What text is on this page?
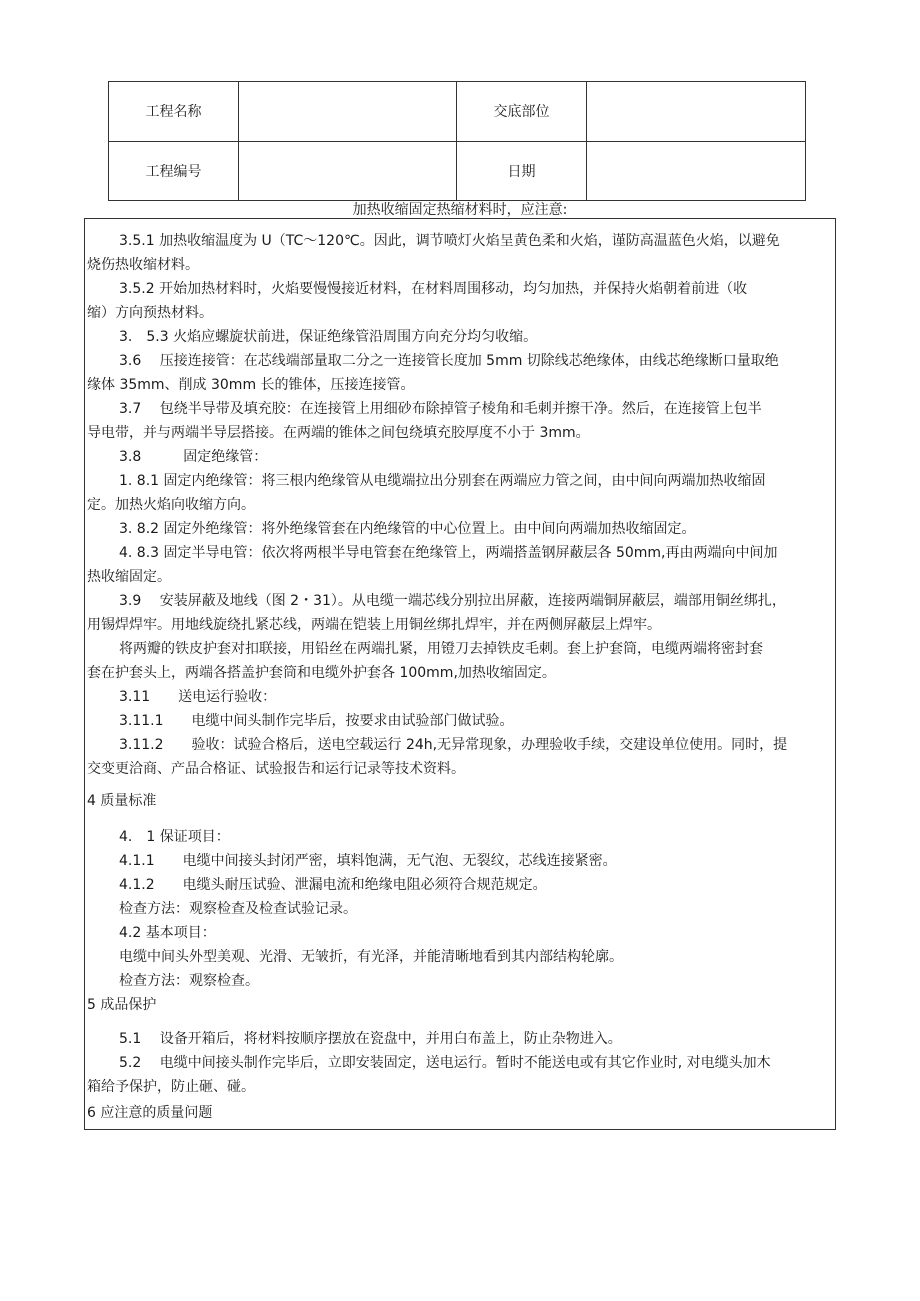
工程名称		交底部位	
工程编号		日期	
加热收缩固定热缩材料时，应注意:
3.5.1 加热收缩温度为 U（TC～120℃。因此，调节喷灯火焰呈黄色柔和火焰，谨防高温蓝色火焰，以避免
烧伤热收缩材料。
3.5.2 开始加热材料时，火焰要慢慢接近材料，在材料周围移动，均匀加热，并保持火焰朝着前进（收
缩）方向预热材料。
3.　5.3 火焰应螺旋状前进，保证绝缘管沿周围方向充分均匀收缩。
3.6　 压接连接管：在芯线端部量取二分之一连接管长度加 5mm 切除线芯绝缘体，由线芯绝缘断口量取绝
缘体 35mm、削成 30mm 长的锥体，压接连接管。
3.7　 包绕半导带及填充胶：在连接管上用细砂布除掉管子棱角和毛刺并擦干净。然后，在连接管上包半
导电带，并与两端半导层搭接。在两端的锥体之间包绕填充胶厚度不小于 3mm。
3.8　　　固定绝缘管：
1. 8.1 固定内绝缘管：将三根内绝缘管从电缆端拉出分别套在两端应力管之间，由中间向两端加热收缩固
定。加热火焰向收缩方向。
3. 8.2 固定外绝缘管：将外绝缘管套在内绝缘管的中心位置上。由中间向两端加热收缩固定。
4. 8.3 固定半导电管：依次将两根半导电管套在绝缘管上，两端搭盖钢屏蔽层各 50mm,再由两端向中间加
热收缩固定。
3.9　 安装屏蔽及地线（图 2・31）。从电缆一端芯线分别拉出屏蔽，连接两端铜屏蔽层，端部用铜丝绑扎，
用锡焊焊牢。用地线旋绕扎紧芯线，两端在铠装上用铜丝绑扎焊牢，并在两侧屏蔽层上焊牢。
将两瓣的铁皮护套对扣联接，用铅丝在两端扎紧，用镫刀去掉铁皮毛刺。套上护套筒，电缆两端将密封套
套在护套头上，两端各搭盖护套筒和电缆外护套各 100mm,加热收缩固定。
3.11　　送电运行验收：
3.11.1　　电缆中间头制作完毕后，按要求由试验部门做试验。
3.11.2　　验收：试验合格后，送电空载运行 24h,无异常现象，办理验收手续，交建设单位使用。同时，提
交变更洽商、产品合格证、试验报告和运行记录等技术资料。
4 质量标准
4.　1 保证项目：
4.1.1　　电缆中间接头封闭严密，填料饱满，无气泡、无裂纹，芯线连接紧密。
4.1.2　　电缆头耐压试验、泄漏电流和绝缘电阻必须符合规范规定。
检查方法：观察检查及检查试验记录。
4.2 基本项目：
电缆中间头外型美观、光滑、无皱折，有光泽，并能清晰地看到其内部结构轮廓。
检查方法：观察检查。
5 成品保护
5.1　 设备开箱后，将材料按顺序摆放在瓷盘中，并用白布盖上，防止杂物进入。
5.2　 电缆中间接头制作完毕后，立即安装固定，送电运行。暂时不能送电或有其它作业时, 对电缆头加木
箱给予保护，防止砸、碰。
6 应注意的质量问题
